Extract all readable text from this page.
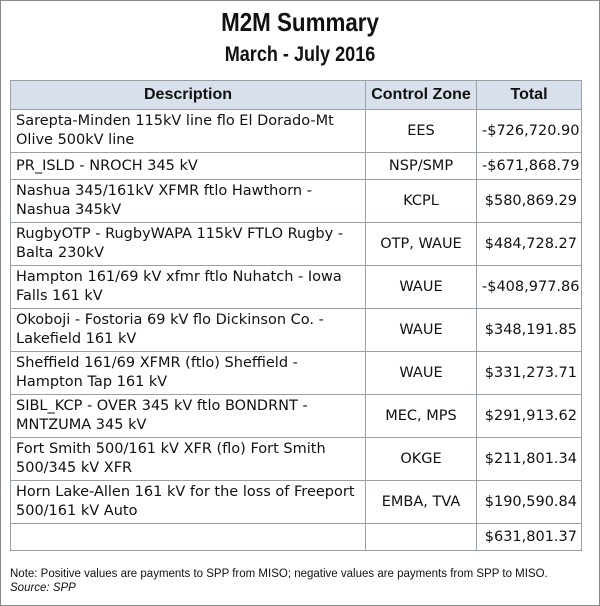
M2M Summary
March - July 2016
Description	Control Zone	Total
Sarepta-Minden 115kV line flo El Dorado-Mt Olive 500kV line	EES	-$726,720.90
PR_ISLD - NROCH 345 kV	NSP/SMP	-$671,868.79
Nashua 345/161kV XFMR ftlo Hawthorn - Nashua 345kV	KCPL	$580,869.29
RugbyOTP - RugbyWAPA 115kV FTLO Rugby - Balta 230kV	OTP, WAUE	$484,728.27
Hampton 161/69 kV xfmr ftlo Nuhatch - Iowa Falls 161 kV	WAUE	-$408,977.86
Okoboji - Fostoria 69 kV flo Dickinson Co. - Lakefield 161 kV	WAUE	$348,191.85
Sheffield 161/69 XFMR (ftlo) Sheffield - Hampton Tap 161 kV	WAUE	$331,273.71
SIBL_KCP - OVER 345 kV ftlo BONDRNT - MNTZUMA 345 kV	MEC, MPS	$291,913.62
Fort Smith 500/161 kV XFR (flo) Fort Smith 500/345 kV XFR	OKGE	$211,801.34
Horn Lake-Allen 161 kV for the loss of Freeport 500/161 kV Auto	EMBA, TVA	$190,590.84
		$631,801.37
Note: Positive values are payments to SPP from MISO; negative values are payments from SPP to MISO.
Source: SPP
